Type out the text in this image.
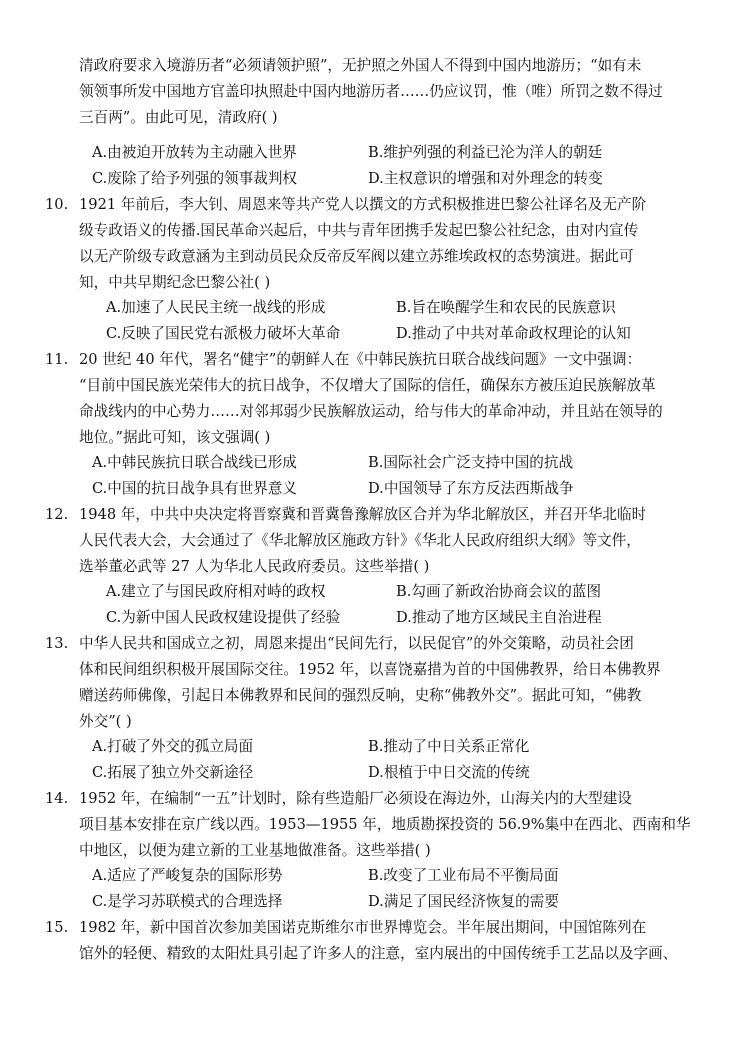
清政府要求入境游历者“必须请领护照”，无护照之外国人不得到中国内地游历；“如有未
领领事所发中国地方官盖印执照赴中国内地游历者……仍应议罚，惟（唯）所罚之数不得过
三百两”。由此可见，清政府( )
A.由被迫开放转为主动融入世界	B.维护列强的利益已沦为洋人的朝廷
C.废除了给予列强的领事裁判权	D.主权意识的增强和对外理念的转变
10. 1921 年前后，李大钊、周恩来等共产党人以撰文的方式积极推进巴黎公社译名及无产阶
级专政语义的传播.国民革命兴起后，中共与青年团携手发起巴黎公社纪念，由对内宣传
以无产阶级专政意涵为主到动员民众反帝反军阀以建立苏维埃政权的态势演进。据此可
知，中共早期纪念巴黎公社( )
A.加速了人民民主统一战线的形成	B.旨在唤醒学生和农民的民族意识
C.反映了国民党右派极力破坏大革命	D.推动了中共对革命政权理论的认知
11. 20 世纪 40 年代，署名“健宇”的朝鲜人在《中韩民族抗日联合战线问题》一文中强调：
“目前中国民族光荣伟大的抗日战争，不仅增大了国际的信任，确保东方被压迫民族解放革
命战线内的中心势力……对邻邦弱少民族解放运动，给与伟大的革命冲动，并且站在领导的
地位。”据此可知，该文强调( )
A.中韩民族抗日联合战线已形成	B.国际社会广泛支持中国的抗战
C.中国的抗日战争具有世界意义	D.中国领导了东方反法西斯战争
12. 1948 年，中共中央决定将晋察冀和晋冀鲁豫解放区合并为华北解放区，并召开华北临时
人民代表大会，大会通过了《华北解放区施政方针》《华北人民政府组织大纲》等文件，
选举董必武等 27 人为华北人民政府委员。这些举措( )
A.建立了与国民政府相对峙的政权	B.勾画了新政治协商会议的蓝图
C.为新中国人民政权建设提供了经验	D.推动了地方区域民主自治进程
13. 中华人民共和国成立之初，周恩来提出“民间先行，以民促官”的外交策略，动员社会团
体和民间组织积极开展国际交往。1952 年，以喜饶嘉措为首的中国佛教界，给日本佛教界
赠送药师佛像，引起日本佛教界和民间的强烈反响，史称“佛教外交”。据此可知，“佛教
外交”( )
A.打破了外交的孤立局面	B.推动了中日关系正常化
C.拓展了独立外交新途径	D.根植于中日交流的传统
14. 1952 年，在编制“一五”计划时，除有些造船厂必须设在海边外，山海关内的大型建设
项目基本安排在京广线以西。1953—1955 年，地质勘探投资的 56.9%集中在西北、西南和华
中地区，以便为建立新的工业基地做准备。这些举措( )
A.适应了严峻复杂的国际形势	B.改变了工业布局不平衡局面
C.是学习苏联模式的合理选择	D.满足了国民经济恢复的需要
15. 1982 年，新中国首次参加美国诺克斯维尔市世界博览会。半年展出期间，中国馆陈列在
馆外的轻便、精致的太阳灶具引起了许多人的注意，室内展出的中国传统手工艺品以及字画、
